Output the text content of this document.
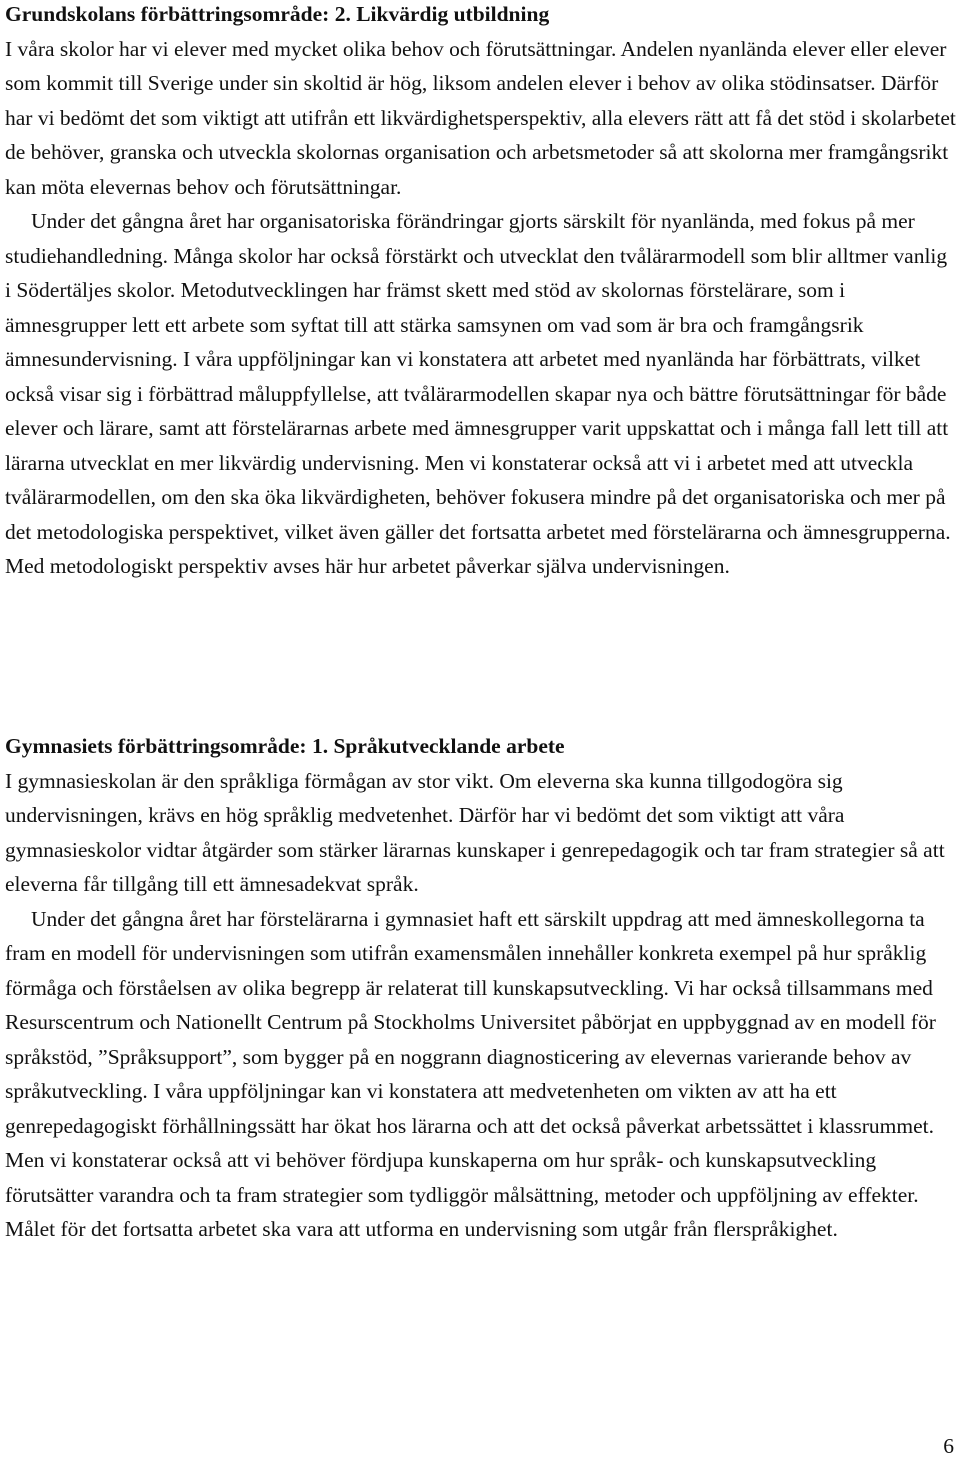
Grundskolans förbättringsområde: 2. Likvärdig utbildning

I våra skolor har vi elever med mycket olika behov och förutsättningar. Andelen nyanlända elever eller elever som kommit till Sverige under sin skoltid är hög, liksom andelen elever i behov av olika stödinsatser. Därför har vi bedömt det som viktigt att utifrån ett likvärdighetsperspektiv, alla elevers rätt att få det stöd i skolarbetet de behöver, granska och utveckla skolornas organisation och arbetsmetoder så att skolorna mer framgångsrikt kan möta elevernas behov och förutsättningar.

Under det gångna året har organisatoriska förändringar gjorts särskilt för nyanlända, med fokus på mer studiehandledning. Många skolor har också förstärkt och utvecklat den tvålärarmodell som blir alltmer vanlig i Södertäljes skolor. Metodutvecklingen har främst skett med stöd av skolornas förstelärare, som i ämnesgrupper lett ett arbete som syftat till att stärka samsynen om vad som är bra och framgångsrik ämnesundervisning. I våra uppföljningar kan vi konstatera att arbetet med nyanlända har förbättrats, vilket också visar sig i förbättrad måluppfyllelse, att tvålärarmodellen skapar nya och bättre förutsättningar för både elever och lärare, samt att förstelärarnas arbete med ämnesgrupper varit uppskattat och i många fall lett till att lärarna utvecklat en mer likvärdig undervisning. Men vi konstaterar också att vi i arbetet med att utveckla tvålärarmodellen, om den ska öka likvärdigheten, behöver fokusera mindre på det organisatoriska och mer på det metodologiska perspektivet, vilket även gäller det fortsatta arbetet med förstelärarna och ämnesgrupperna. Med metodologiskt perspektiv avses här hur arbetet påverkar själva undervisningen.

Gymnasiets förbättringsområde: 1. Språkutvecklande arbete

I gymnasieskolan är den språkliga förmågan av stor vikt. Om eleverna ska kunna tillgodogöra sig undervisningen, krävs en hög språklig medvetenhet. Därför har vi bedömt det som viktigt att våra gymnasieskolor vidtar åtgärder som stärker lärarnas kunskaper i genrepedagogik och tar fram strategier så att eleverna får tillgång till ett ämnesadekvat språk.

Under det gångna året har förstelärarna i gymnasiet haft ett särskilt uppdrag att med ämneskollegorna ta fram en modell för undervisningen som utifrån examensmålen innehåller konkreta exempel på hur språklig förmåga och förståelsen av olika begrepp är relaterat till kunskapsutveckling. Vi har också tillsammans med Resurscentrum och Nationellt Centrum på Stockholms Universitet påbörjat en uppbyggnad av en modell för språkstöd, ”Språksupport”, som bygger på en noggrann diagnosticering av elevernas varierande behov av språkutveckling. I våra uppföljningar kan vi konstatera att medvetenheten om vikten av att ha ett genrepedagogiskt förhållningssätt har ökat hos lärarna och att det också påverkat arbetssättet i klassrummet. Men vi konstaterar också att vi behöver fördjupa kunskaperna om hur språk- och kunskapsutveckling förutsätter varandra och ta fram strategier som tydliggör målsättning, metoder och uppföljning av effekter. Målet för det fortsatta arbetet ska vara att utforma en undervisning som utgår från flerspråkighet.

6
